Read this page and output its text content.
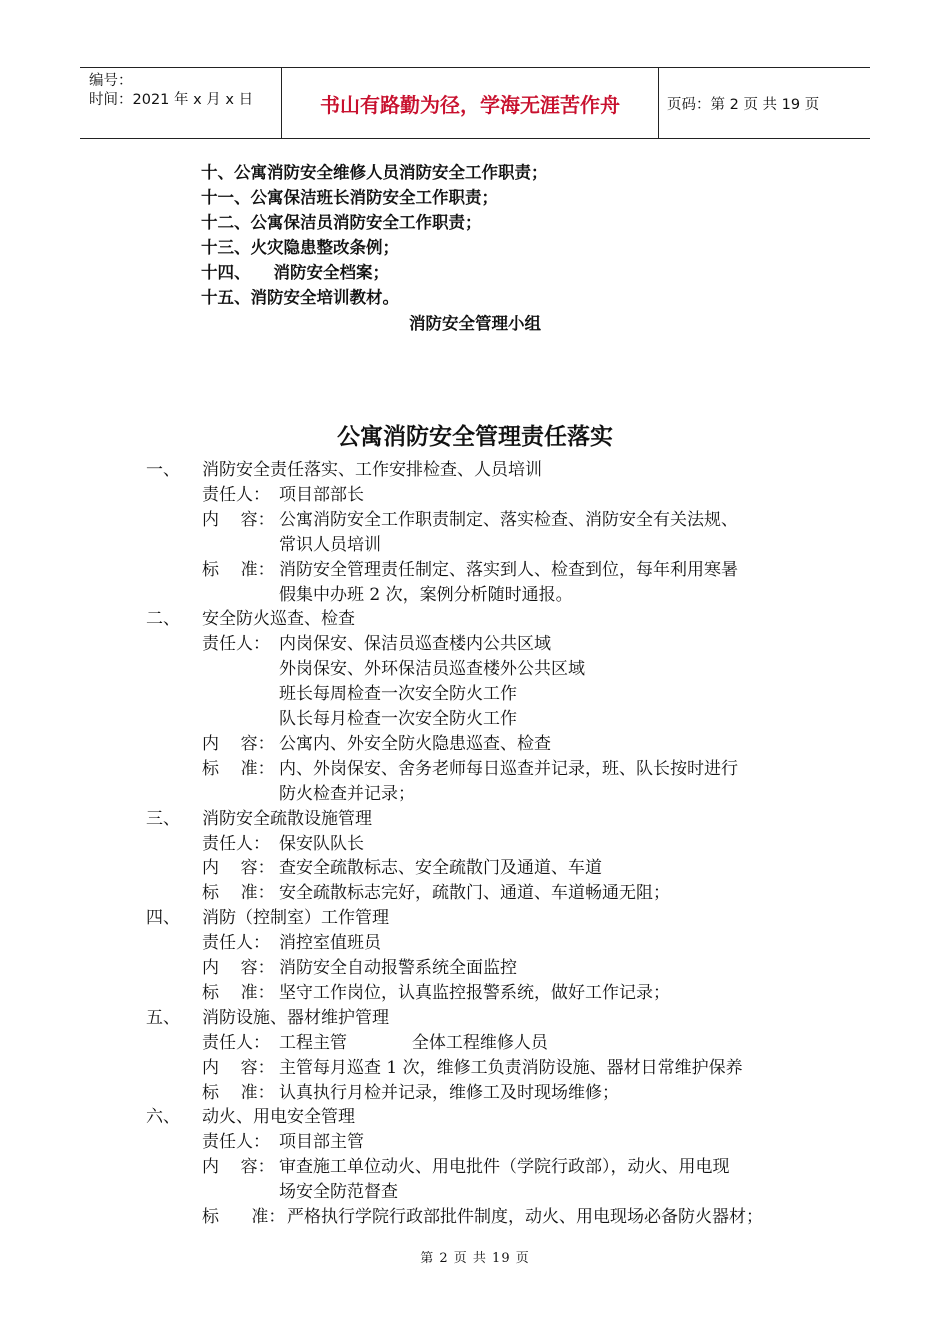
编号：
时间：2021 年 x 月 x 日	书山有路勤为径，学海无涯苦作舟	页码：第 2 页 共 19 页
十、公寓消防安全维修人员消防安全工作职责；
十一、公寓保洁班长消防安全工作职责；
十二、公寓保洁员消防安全工作职责；
十三、火灾隐患整改条例；
十四、    消防安全档案；
十五、消防安全培训教材。
消防安全管理小组
公寓消防安全管理责任落实
一、 消防安全责任落实、工作安排检查、人员培训
责任人： 项目部部长
内    容： 公寓消防安全工作职责制定、落实检查、消防安全有关法规、
常识人员培训
标    准： 消防安全管理责任制定、落实到人、检查到位，每年利用寒暑
假集中办班 2 次，案例分析随时通报。
二、 安全防火巡查、检查
责任人： 内岗保安、保洁员巡查楼内公共区域
外岗保安、外环保洁员巡查楼外公共区域
班长每周检查一次安全防火工作
队长每月检查一次安全防火工作
内    容： 公寓内、外安全防火隐患巡查、检查
标    准： 内、外岗保安、舍务老师每日巡查并记录，班、队长按时进行
防火检查并记录；
三、 消防安全疏散设施管理
责任人： 保安队队长
内    容： 查安全疏散标志、安全疏散门及通道、车道
标    准： 安全疏散标志完好，疏散门、通道、车道畅通无阻；
四、 消防（控制室）工作管理
责任人： 消控室值班员
内    容： 消防安全自动报警系统全面监控
标    准： 坚守工作岗位，认真监控报警系统，做好工作记录；
五、 消防设施、器材维护管理
责任人： 工程主管            全体工程维修人员
内    容： 主管每月巡查 1 次，维修工负责消防设施、器材日常维护保养
标    准： 认真执行月检并记录，维修工及时现场维修；
六、 动火、用电安全管理
责任人： 项目部主管
内    容： 审查施工单位动火、用电批件（学院行政部），动火、用电现
场安全防范督查
标      准： 严格执行学院行政部批件制度，动火、用电现场必备防火器材；
第 2 页 共 19 页
